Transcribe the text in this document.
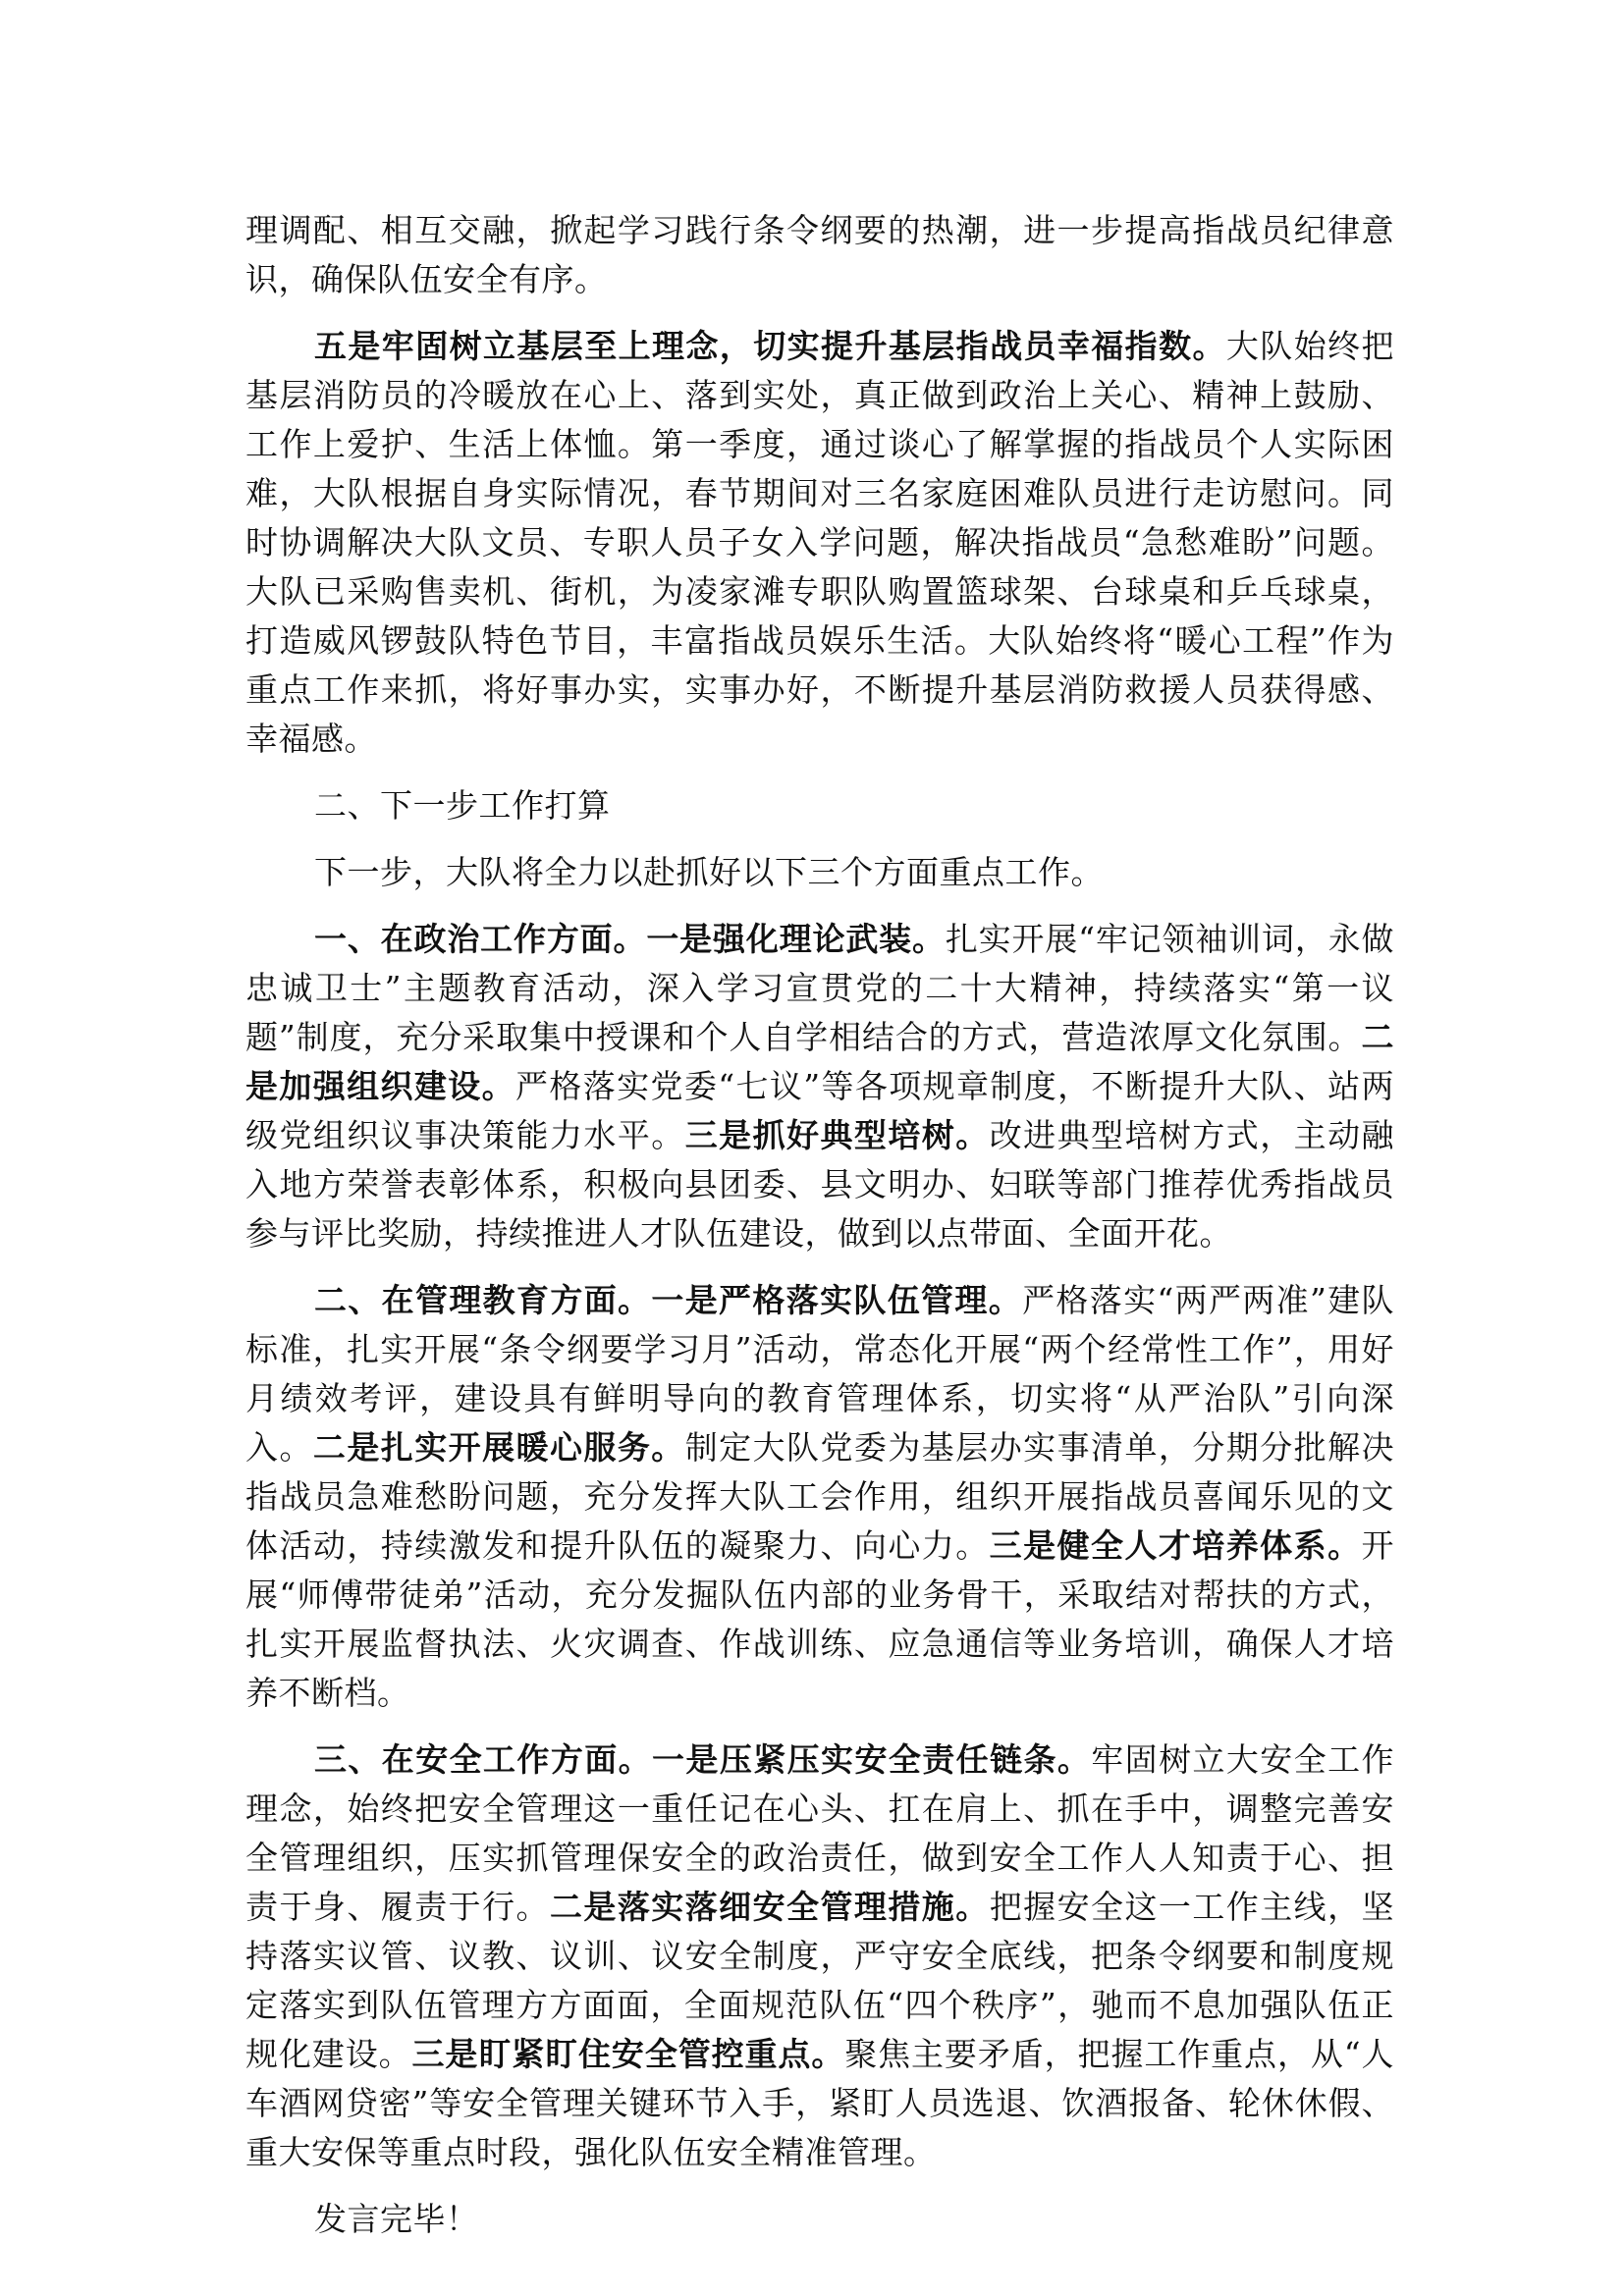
理调配、相互交融，掀起学习践行条令纲要的热潮，进一步提高指战员纪律意识，确保队伍安全有序。

五是牢固树立基层至上理念，切实提升基层指战员幸福指数。大队始终把基层消防员的冷暖放在心上、落到实处，真正做到政治上关心、精神上鼓励、工作上爱护、生活上体恤。第一季度，通过谈心了解掌握的指战员个人实际困难，大队根据自身实际情况，春节期间对三名家庭困难队员进行走访慰问。同时协调解决大队文员、专职人员子女入学问题，解决指战员“急愁难盼”问题。大队已采购售卖机、街机，为凌家滩专职队购置篮球架、台球桌和乒乓球桌，打造威风锣鼓队特色节目，丰富指战员娱乐生活。大队始终将“暖心工程”作为重点工作来抓，将好事办实，实事办好，不断提升基层消防救援人员获得感、幸福感。

二、下一步工作打算

下一步，大队将全力以赴抓好以下三个方面重点工作。

一、在政治工作方面。一是强化理论武装。扎实开展“牢记领袖训词，永做忠诚卫士”主题教育活动，深入学习宣贯党的二十大精神，持续落实“第一议题”制度，充分采取集中授课和个人自学相结合的方式，营造浓厚文化氛围。二是加强组织建设。严格落实党委“七议”等各项规章制度，不断提升大队、站两级党组织议事决策能力水平。三是抓好典型培树。改进典型培树方式，主动融入地方荣誉表彰体系，积极向县团委、县文明办、妇联等部门推荐优秀指战员参与评比奖励，持续推进人才队伍建设，做到以点带面、全面开花。

二、在管理教育方面。一是严格落实队伍管理。严格落实“两严两准”建队标准，扎实开展“条令纲要学习月”活动，常态化开展“两个经常性工作”，用好月绩效考评，建设具有鲜明导向的教育管理体系，切实将“从严治队”引向深入。二是扎实开展暖心服务。制定大队党委为基层办实事清单，分期分批解决指战员急难愁盼问题，充分发挥大队工会作用，组织开展指战员喜闻乐见的文体活动，持续激发和提升队伍的凝聚力、向心力。三是健全人才培养体系。开展“师傅带徒弟”活动，充分发掘队伍内部的业务骨干，采取结对帮扶的方式，扎实开展监督执法、火灾调查、作战训练、应急通信等业务培训，确保人才培养不断档。

三、在安全工作方面。一是压紧压实安全责任链条。牢固树立大安全工作理念，始终把安全管理这一重任记在心头、扛在肩上、抓在手中，调整完善安全管理组织，压实抓管理保安全的政治责任，做到安全工作人人知责于心、担责于身、履责于行。二是落实落细安全管理措施。把握安全这一工作主线，坚持落实议管、议教、议训、议安全制度，严守安全底线，把条令纲要和制度规定落实到队伍管理方方面面，全面规范队伍“四个秩序”，驰而不息加强队伍正规化建设。三是盯紧盯住安全管控重点。聚焦主要矛盾，把握工作重点，从“人车酒网贷密”等安全管理关键环节入手，紧盯人员选退、饮酒报备、轮休休假、重大安保等重点时段，强化队伍安全精准管理。

发言完毕！
